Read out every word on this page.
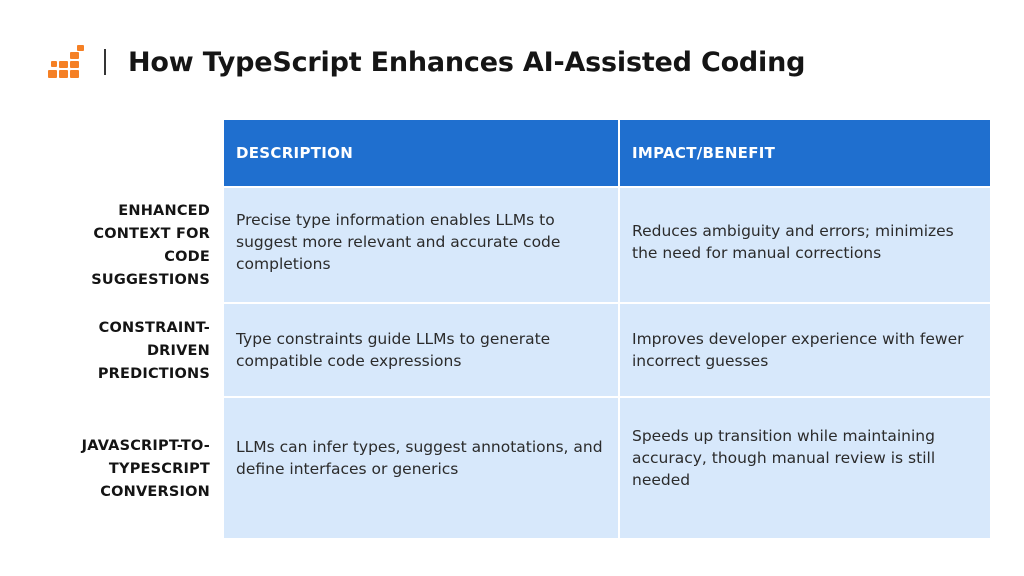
How TypeScript Enhances AI-Assisted Coding
	DESCRIPTION	IMPACT/BENEFIT
ENHANCED CONTEXT FOR CODE SUGGESTIONS	Precise type information enables LLMs to suggest more relevant and accurate code completions	Reduces ambiguity and errors; minimizes the need for manual corrections

CONSTRAINT-DRIVEN PREDICTIONS	Type constraints guide LLMs to generate compatible code expressions	Improves developer experience with fewer incorrect guesses

JAVASCRIPT-TO-TYPESCRIPT CONVERSION	LLMs can infer types, suggest annotations, and define interfaces or generics	Speeds up transition while maintaining accuracy, though manual review is still needed
